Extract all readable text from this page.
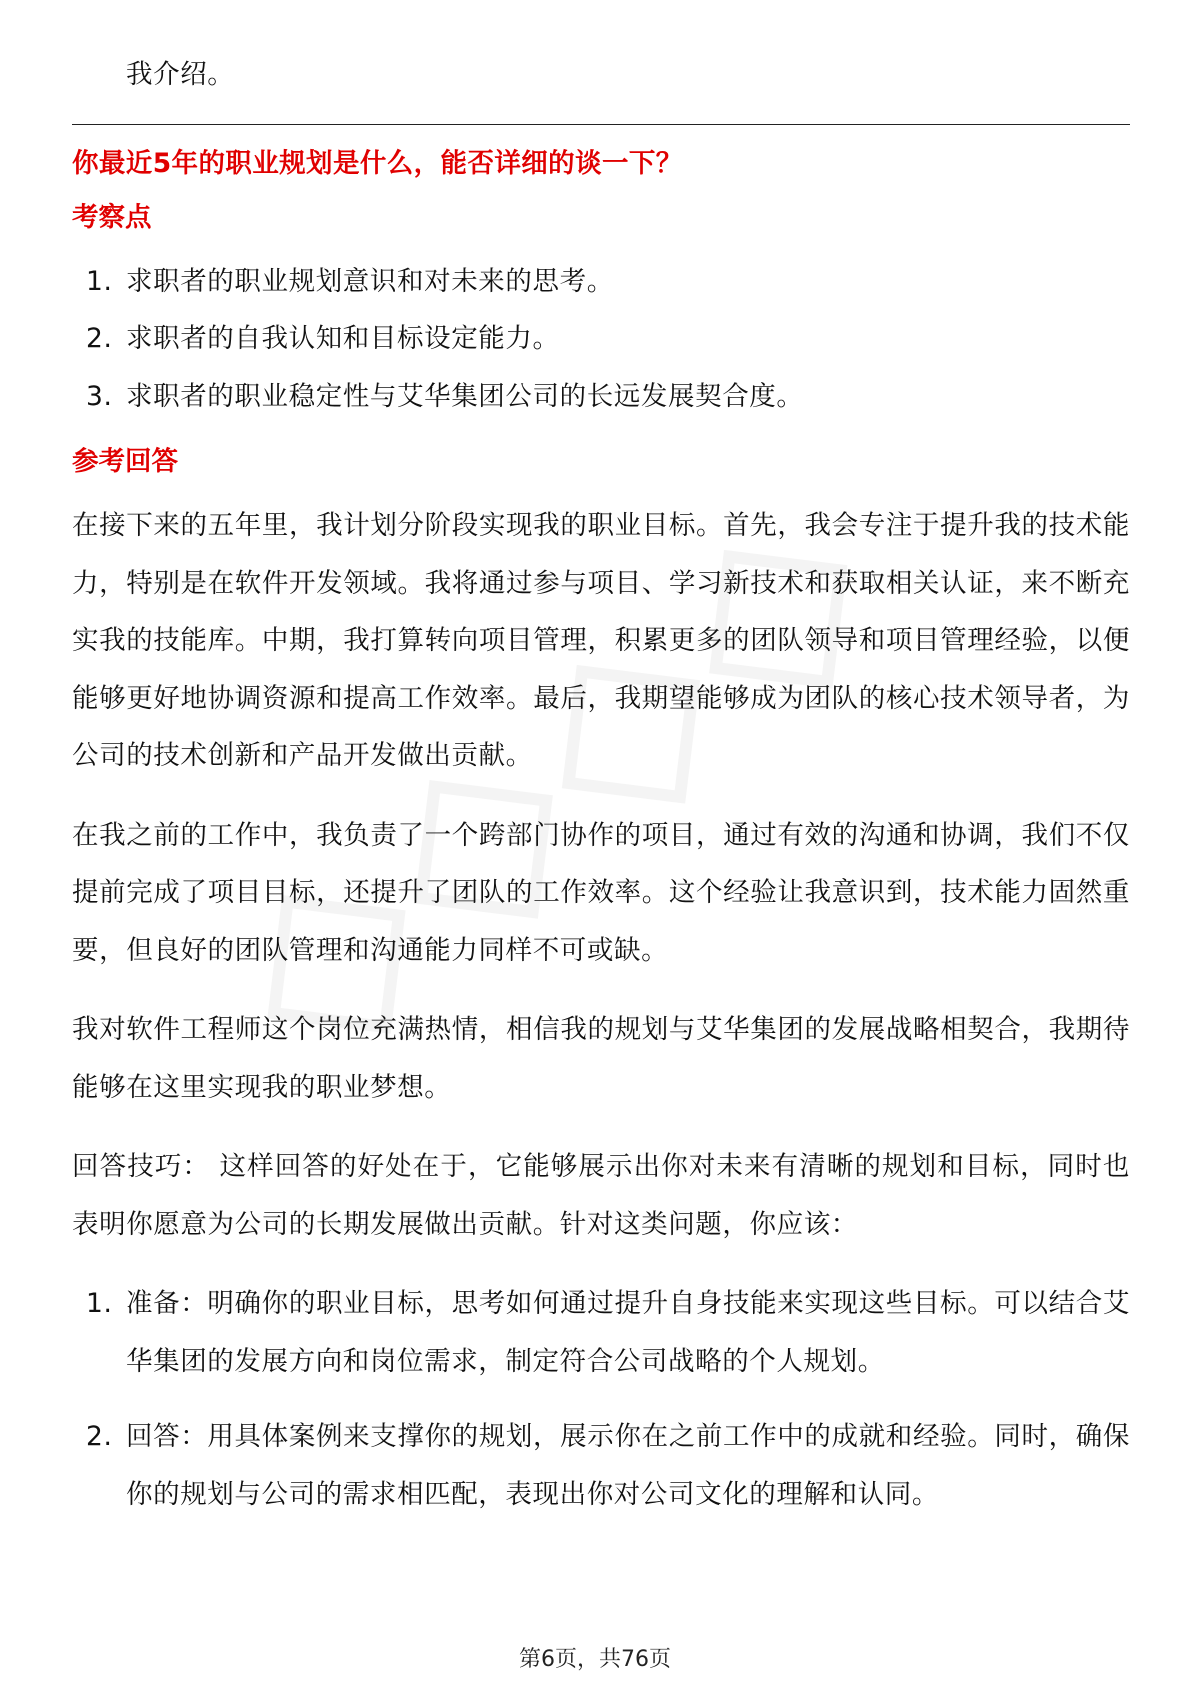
我介绍。

你最近5年的职业规划是什么，能否详细的谈一下？

考察点
1. 求职者的职业规划意识和对未来的思考。
2. 求职者的自我认知和目标设定能力。
3. 求职者的职业稳定性与艾华集团公司的长远发展契合度。
参考回答

在接下来的五年里，我计划分阶段实现我的职业目标。首先，我会专注于提升我的技术能力，特别是在软件开发领域。我将通过参与项目、学习新技术和获取相关认证，来不断充实我的技能库。中期，我打算转向项目管理，积累更多的团队领导和项目管理经验，以便能够更好地协调资源和提高工作效率。最后，我期望能够成为团队的核心技术领导者，为公司的技术创新和产品开发做出贡献。

在我之前的工作中，我负责了一个跨部门协作的项目，通过有效的沟通和协调，我们不仅提前完成了项目目标，还提升了团队的工作效率。这个经验让我意识到，技术能力固然重要，但良好的团队管理和沟通能力同样不可或缺。

我对软件工程师这个岗位充满热情，相信我的规划与艾华集团的发展战略相契合，我期待能够在这里实现我的职业梦想。

回答技巧： 这样回答的好处在于，它能够展示出你对未来有清晰的规划和目标，同时也表明你愿意为公司的长期发展做出贡献。针对这类问题，你应该：

1. 准备：明确你的职业目标，思考如何通过提升自身技能来实现这些目标。可以结合艾华集团的发展方向和岗位需求，制定符合公司战略的个人规划。
2. 回答：用具体案例来支撑你的规划，展示你在之前工作中的成就和经验。同时，确保你的规划与公司的需求相匹配，表现出你对公司文化的理解和认同。
第6页，共76页
